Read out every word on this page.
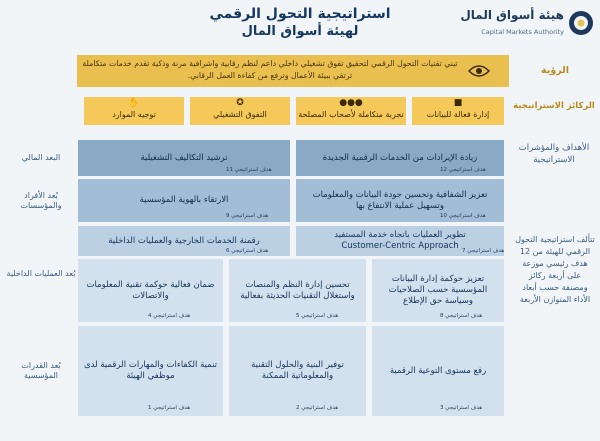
استراتيجية التحول الرقمي
لهيئة أسواق المال
هيئة أسواق المال
Capital Markets Authority
تبني تقنيات التحول الرقمي لتحقيق تفوق تشغيلي داخلي داعم لنظم رقابية واشرافية مرنة وذكية تقدم خدمات متكاملة ترتقي ببيئة الأعمال وترفع من كفاءة العمل الرقابي.	الرؤية
■
إدارة فعالة للبيانات
●●●
تجربة متكاملة لأصحاب المصلحة
✪
التفوق التشغيلي
✋
توجيه الموارد
الركائز الاستراتيجية
البعد المالي
بُعد الأفراد والمؤسسات
بُعد العمليات الداخلية
بُعد القدرات المؤسسية
زيادة الإيرادات من الخدمات الرقمية الجديدة
هدف استراتيجي 12
ترشيد التكاليف التشغيلية
هدف استراتيجي 11
تعزيز الشفافية وتحسين جودة البيانات والمعلومات وتسهيل عملية الانتفاع بها
هدف استراتيجي 10
الارتقاء بالهوية المؤسسية
هدف استراتيجي 9
تطوير العمليات باتجاه خدمة المستفيد
Customer-Centric Approach هدف استراتيجي 7
رقمنة الخدمات الخارجية والعمليات الداخلية
هدف استراتيجي 6
تعزيز حوكمة إدارة البيانات المؤسسية حسب الصلاحيات وسياسة حق الإطلاع
هدف استراتيجي 8
تحسين إدارة النظم والمنصات واستغلال التقنيات الحديثة بفعالية
هدف استراتيجي 5
ضمان فعالية حوكمة تقنية المعلومات والاتصالات
هدف استراتيجي 4
رفع مستوى التوعية الرقمية
هدف استراتيجي 3
توفير البنية والحلول التقنية والمعلوماتية الممكنة
هدف استراتيجي 2
تنمية الكفاءات والمهارات الرقمية لدى موظفي الهيئة
هدف استراتيجي 1
الأهداف والمؤشرات الاستراتيجية
تتألف استراتيجية التحول الرقمي للهيئة من 12 هدف رئيسي موزعة على أربعة ركائز ومصنفة حسب أبعاد الأداء المتوازن الأربعة
